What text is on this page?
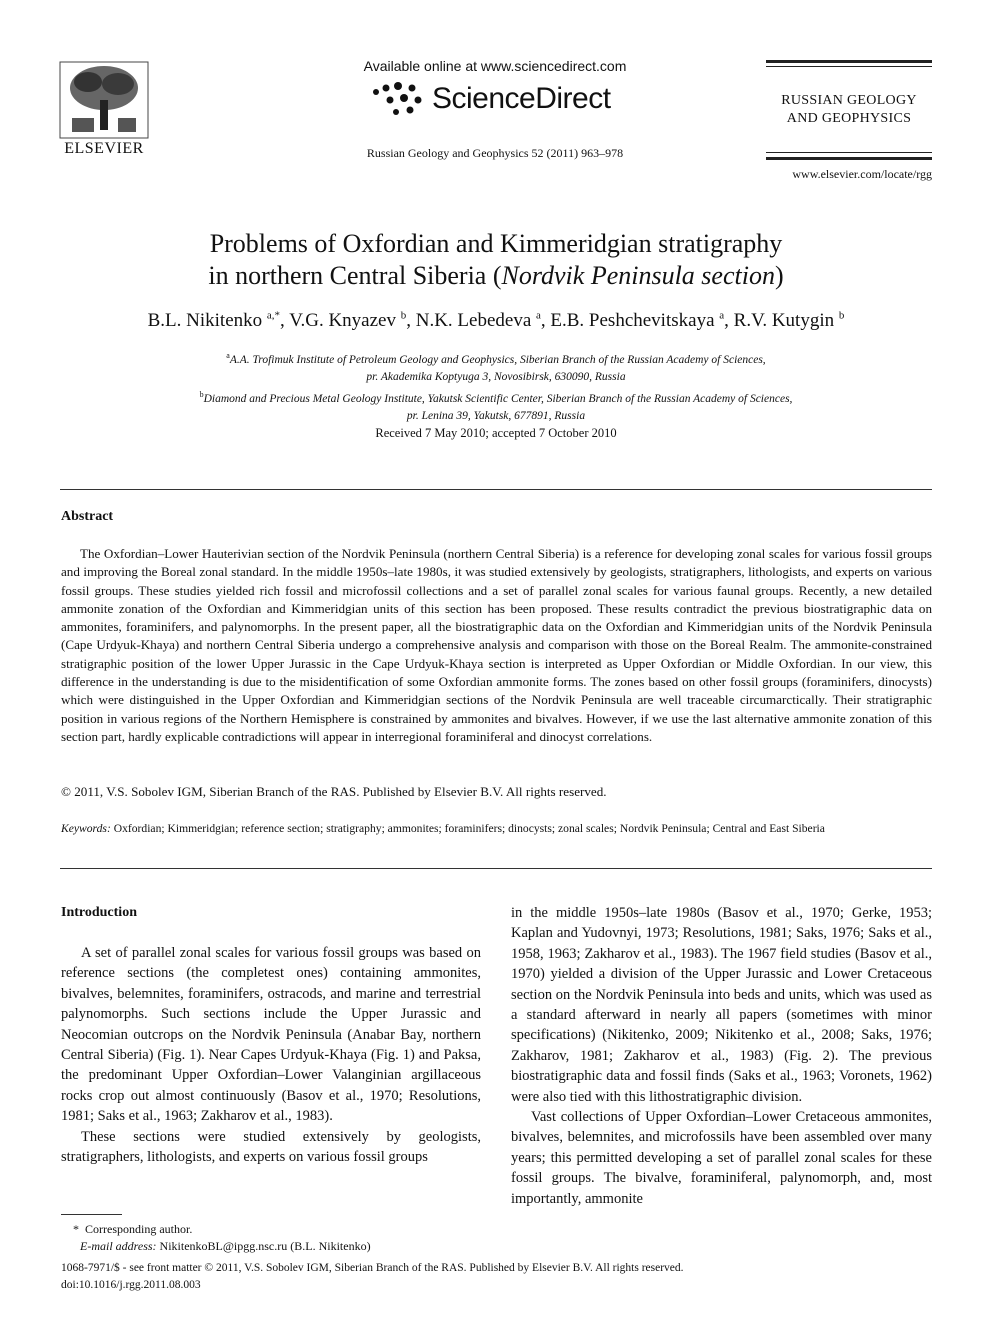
ELSEVIER
Available online at www.sciencedirect.com
ScienceDirect
Russian Geology and Geophysics 52 (2011) 963–978
RUSSIAN GEOLOGY
AND GEOPHYSICS
www.elsevier.com/locate/rgg
Problems of Oxfordian and Kimmeridgian stratigraphy
in northern Central Siberia (Nordvik Peninsula section)
B.L. Nikitenko $^{a,*}$, V.G. Knyazev $^b$, N.K. Lebedeva $^a$, E.B. Peshchevitskaya $^a$, R.V. Kutygin $^b$
$^a$A.A. Trofimuk Institute of Petroleum Geology and Geophysics, Siberian Branch of the Russian Academy of Sciences,
pr. Akademika Koptyuga 3, Novosibirsk, 630090, Russia
$^b$Diamond and Precious Metal Geology Institute, Yakutsk Scientific Center, Siberian Branch of the Russian Academy of Sciences,
pr. Lenina 39, Yakutsk, 677891, Russia
Received 7 May 2010; accepted 7 October 2010
Abstract
The Oxfordian–Lower Hauterivian section of the Nordvik Peninsula (northern Central Siberia) is a reference for developing zonal scales for various fossil groups and improving the Boreal zonal standard. In the middle 1950s–late 1980s, it was studied extensively by geologists, stratigraphers, lithologists, and experts on various fossil groups. These studies yielded rich fossil and microfossil collections and a set of parallel zonal scales for various faunal groups. Recently, a new detailed ammonite zonation of the Oxfordian and Kimmeridgian units of this section has been proposed. These results contradict the previous biostratigraphic data on ammonites, foraminifers, and palynomorphs. In the present paper, all the biostratigraphic data on the Oxfordian and Kimmeridgian units of the Nordvik Peninsula (Cape Urdyuk-Khaya) and northern Central Siberia undergo a comprehensive analysis and comparison with those on the Boreal Realm. The ammonite-constrained stratigraphic position of the lower Upper Jurassic in the Cape Urdyuk-Khaya section is interpreted as Upper Oxfordian or Middle Oxfordian. In our view, this difference in the understanding is due to the misidentification of some Oxfordian ammonite forms. The zones based on other fossil groups (foraminifers, dinocysts) which were distinguished in the Upper Oxfordian and Kimmeridgian sections of the Nordvik Peninsula are well traceable circumarctically. Their stratigraphic position in various regions of the Northern Hemisphere is constrained by ammonites and bivalves. However, if we use the last alternative ammonite zonation of this section part, hardly explicable contradictions will appear in interregional foraminiferal and dinocyst correlations.
© 2011, V.S. Sobolev IGM, Siberian Branch of the RAS. Published by Elsevier B.V. All rights reserved.
Keywords: Oxfordian; Kimmeridgian; reference section; stratigraphy; ammonites; foraminifers; dinocysts; zonal scales; Nordvik Peninsula; Central and East Siberia
Introduction

A set of parallel zonal scales for various fossil groups was based on reference sections (the completest ones) containing ammonites, bivalves, belemnites, foraminifers, ostracods, and marine and terrestrial palynomorphs. Such sections include the Upper Jurassic and Neocomian outcrops on the Nordvik Peninsula (Anabar Bay, northern Central Siberia) (Fig. 1). Near Capes Urdyuk-Khaya (Fig. 1) and Paksa, the predominant Upper Oxfordian–Lower Valanginian argillaceous rocks crop out almost continuously (Basov et al., 1970; Resolutions, 1981; Saks et al., 1963; Zakharov et al., 1983).

These sections were studied extensively by geologists, stratigraphers, lithologists, and experts on various fossil groups

in the middle 1950s–late 1980s (Basov et al., 1970; Gerke, 1953; Kaplan and Yudovnyi, 1973; Resolutions, 1981; Saks, 1976; Saks et al., 1958, 1963; Zakharov et al., 1983). The 1967 field studies (Basov et al., 1970) yielded a division of the Upper Jurassic and Lower Cretaceous section on the Nordvik Peninsula into beds and units, which was used as a standard afterward in nearly all papers (sometimes with minor specifications) (Nikitenko, 2009; Nikitenko et al., 2008; Saks, 1976; Zakharov, 1981; Zakharov et al., 1983) (Fig. 2). The previous biostratigraphic data and fossil finds (Saks et al., 1963; Voronets, 1962) were also tied with this lithostratigraphic division.

Vast collections of Upper Oxfordian–Lower Cretaceous ammonites, bivalves, belemnites, and microfossils have been assembled over many years; this permitted developing a set of parallel zonal scales for these fossil groups. The bivalve, foraminiferal, palynomorph, and, most importantly, ammonite

* Corresponding author.
E-mail address: NikitenkoBL@ipgg.nsc.ru (B.L. Nikitenko)
1068-7971/$ - see front matter © 2011, V.S. Sobolev IGM, Siberian Branch of the RAS. Published by Elsevier B.V. All rights reserved.
doi:10.1016/j.rgg.2011.08.003
